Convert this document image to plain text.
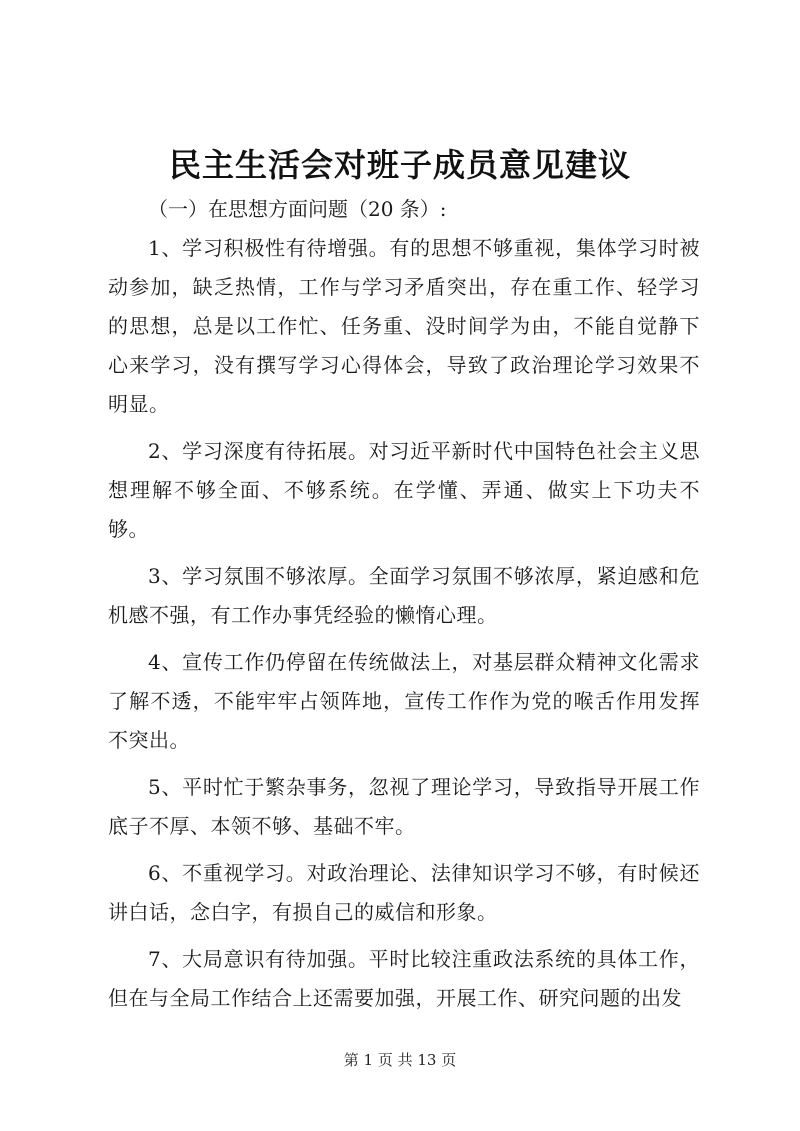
民主生活会对班子成员意见建议

（一）在思想方面问题（20 条）:

1、学习积极性有待增强。有的思想不够重视，集体学习时被动参加，缺乏热情，工作与学习矛盾突出，存在重工作、轻学习的思想，总是以工作忙、任务重、没时间学为由，不能自觉静下心来学习，没有撰写学习心得体会，导致了政治理论学习效果不明显。

2、学习深度有待拓展。对习近平新时代中国特色社会主义思想理解不够全面、不够系统。在学懂、弄通、做实上下功夫不够。

3、学习氛围不够浓厚。全面学习氛围不够浓厚，紧迫感和危机感不强，有工作办事凭经验的懒惰心理。

4、宣传工作仍停留在传统做法上，对基层群众精神文化需求了解不透，不能牢牢占领阵地，宣传工作作为党的喉舌作用发挥不突出。

5、平时忙于繁杂事务，忽视了理论学习，导致指导开展工作底子不厚、本领不够、基础不牢。

6、不重视学习。对政治理论、法律知识学习不够，有时候还讲白话，念白字，有损自己的威信和形象。

7、大局意识有待加强。平时比较注重政法系统的具体工作，但在与全局工作结合上还需要加强，开展工作、研究问题的出发

第 1 页 共 13 页
